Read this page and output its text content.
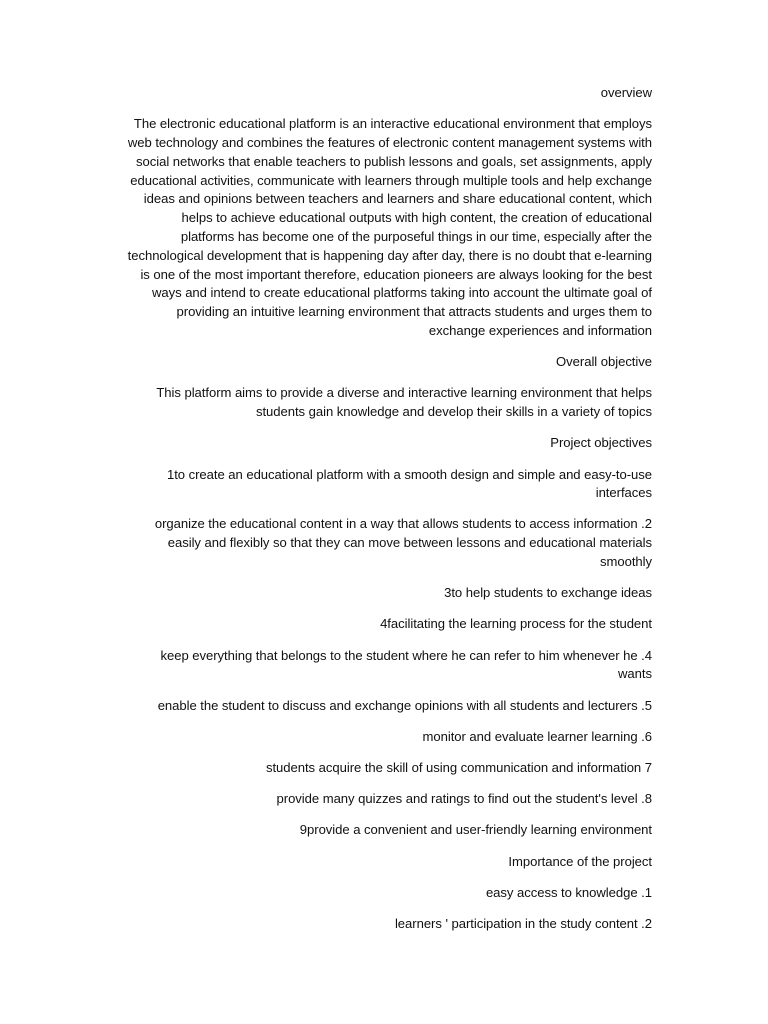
overview

The electronic educational platform is an interactive educational environment that employs
web technology and combines the features of electronic content management systems with
social networks that enable teachers to publish lessons and goals, set assignments, apply
educational activities, communicate with learners through multiple tools and help exchange
ideas and opinions between teachers and learners and share educational content, which
helps to achieve educational outputs with high content, the creation of educational
platforms has become one of the purposeful things in our time, especially after the
technological development that is happening day after day, there is no doubt that e-learning
is one of the most important therefore, education pioneers are always looking for the best
ways and intend to create educational platforms taking into account the ultimate goal of
providing an intuitive learning environment that attracts students and urges them to
exchange experiences and information

Overall objective

This platform aims to provide a diverse and interactive learning environment that helps
students gain knowledge and develop their skills in a variety of topics

Project objectives

1to create an educational platform with a smooth design and simple and easy-to-use
interfaces

organize the educational content in a way that allows students to access information .2
easily and flexibly so that they can move between lessons and educational materials
smoothly

3to help students to exchange ideas

4facilitating the learning process for the student

keep everything that belongs to the student where he can refer to him whenever he .4
wants

enable the student to discuss and exchange opinions with all students and lecturers .5

monitor and evaluate learner learning .6

students acquire the skill of using communication and information 7

provide many quizzes and ratings to find out the student's level .8

9provide a convenient and user-friendly learning environment

Importance of the project

easy access to knowledge .1

learners ' participation in the study content .2
